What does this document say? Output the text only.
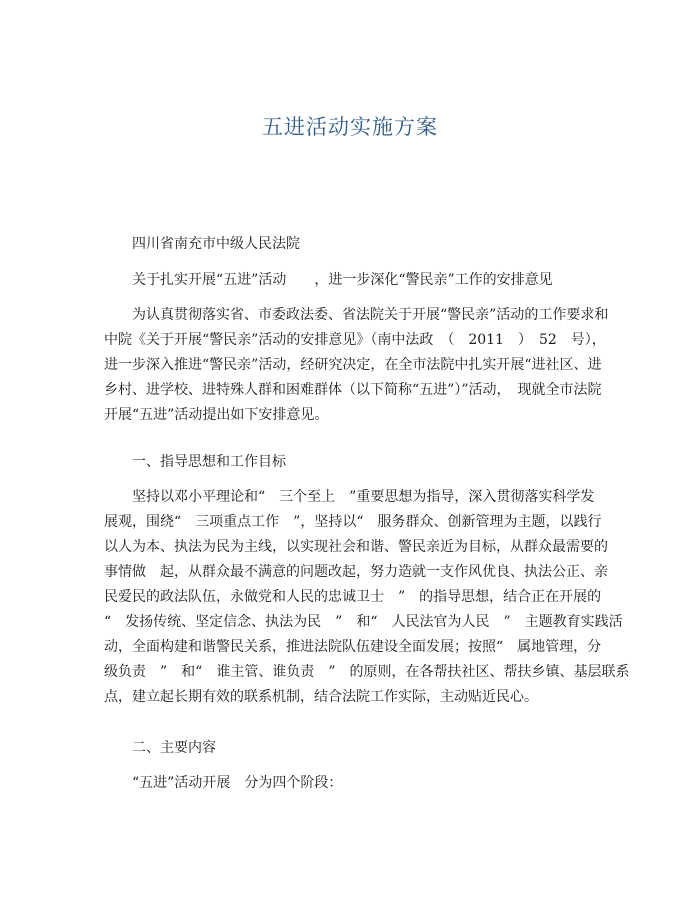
五进活动实施方案
四川省南充市中级人民法院
关于扎实开展“五进”活动　　，进一步深化“警民亲”工作的安排意见
为认真贯彻落实省、市委政法委、省法院关于开展“警民亲”活动的工作要求和
中院《关于开展“警民亲”活动的安排意见》（南中法政　（　2011　）　52　号），
进一步深入推进“警民亲”活动，经研究决定，在全市法院中扎实开展“进社区、进
乡村、进学校、进特殊人群和困难群体（以下简称“五进”）”活动，　现就全市法院
开展“五进”活动提出如下安排意见。
一、指导思想和工作目标
坚持以邓小平理论和“　三个至上　”重要思想为指导，深入贯彻落实科学发
展观，围绕“　三项重点工作　”，坚持以“　服务群众、创新管理为主题，以践行
以人为本、执法为民为主线，以实现社会和谐、警民亲近为目标，从群众最需要的
事情做　起，从群众最不满意的问题改起，努力造就一支作风优良、执法公正、亲
民爱民的政法队伍，永做党和人民的忠诚卫士　”　的指导思想，结合正在开展的
“　发扬传统、坚定信念、执法为民　”　和“　人民法官为人民　”　主题教育实践活
动，全面构建和谐警民关系，推进法院队伍建设全面发展；按照“　属地管理，分
级负责　”　和“　谁主管、谁负责　”　的原则，在各帮扶社区、帮扶乡镇、基层联系
点，建立起长期有效的联系机制，结合法院工作实际，主动贴近民心。
二、主要内容
“五进”活动开展　分为四个阶段：
